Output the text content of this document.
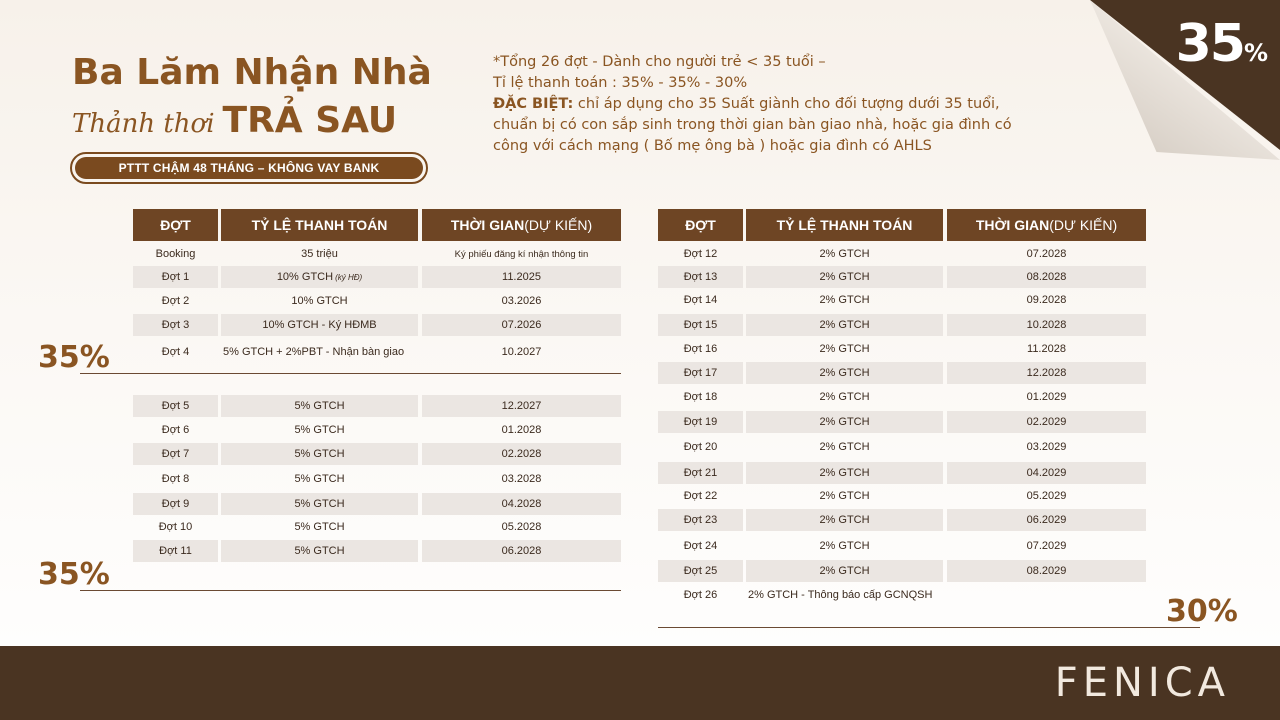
35%
Ba Lăm Nhận Nhà
Thảnh thơi TRẢ SAU
PTTT CHẬM 48 THÁNG – KHÔNG VAY BANK
*Tổng 26 đợt - Dành cho người trẻ < 35 tuổi –
Tỉ lệ thanh toán : 35% - 35% - 30%
ĐẶC BIỆT: chỉ áp dụng cho 35 Suất giành cho đối tượng dưới 35 tuổi,
chuẩn bị có con sắp sinh trong thời gian bàn giao nhà, hoặc gia đình có
công với cách mạng ( Bố mẹ ông bà ) hoặc gia đình có AHLS
ĐỢT	TỶ LỆ THANH TOÁN	THỜI GIAN (DỰ KIẾN)
Booking	35 triệu	Ký phiếu đăng kí nhận thông tin
Đợt 1	10% GTCH (ký HĐ)	11.2025
Đợt 2	10% GTCH	03.2026
Đợt 3	10% GTCH - Ký HĐMB	07.2026
Đợt 4	5% GTCH + 2%PBT - Nhận bàn giao	10.2027
Đợt 5	5% GTCH	12.2027
Đợt 6	5% GTCH	01.2028
Đợt 7	5% GTCH	02.2028
Đợt 8	5% GTCH	03.2028
Đợt 9	5% GTCH	04.2028
Đợt 10	5% GTCH	05.2028
Đợt 11	5% GTCH	06.2028
ĐỢT	TỶ LỆ THANH TOÁN	THỜI GIAN (DỰ KIẾN)
Đợt 12	2% GTCH	07.2028
Đợt 13	2% GTCH	08.2028
Đợt 14	2% GTCH	09.2028
Đợt 15	2% GTCH	10.2028
Đợt 16	2% GTCH	11.2028
Đợt 17	2% GTCH	12.2028
Đợt 18	2% GTCH	01.2029
Đợt 19	2% GTCH	02.2029
Đợt 20	2% GTCH	03.2029
Đợt 21	2% GTCH	04.2029
Đợt 22	2% GTCH	05.2029
Đợt 23	2% GTCH	06.2029
Đợt 24	2% GTCH	07.2029
Đợt 25	2% GTCH	08.2029
Đợt 26	2% GTCH - Thông báo cấp GCNQSH
35%
35%
30%
FENICA
